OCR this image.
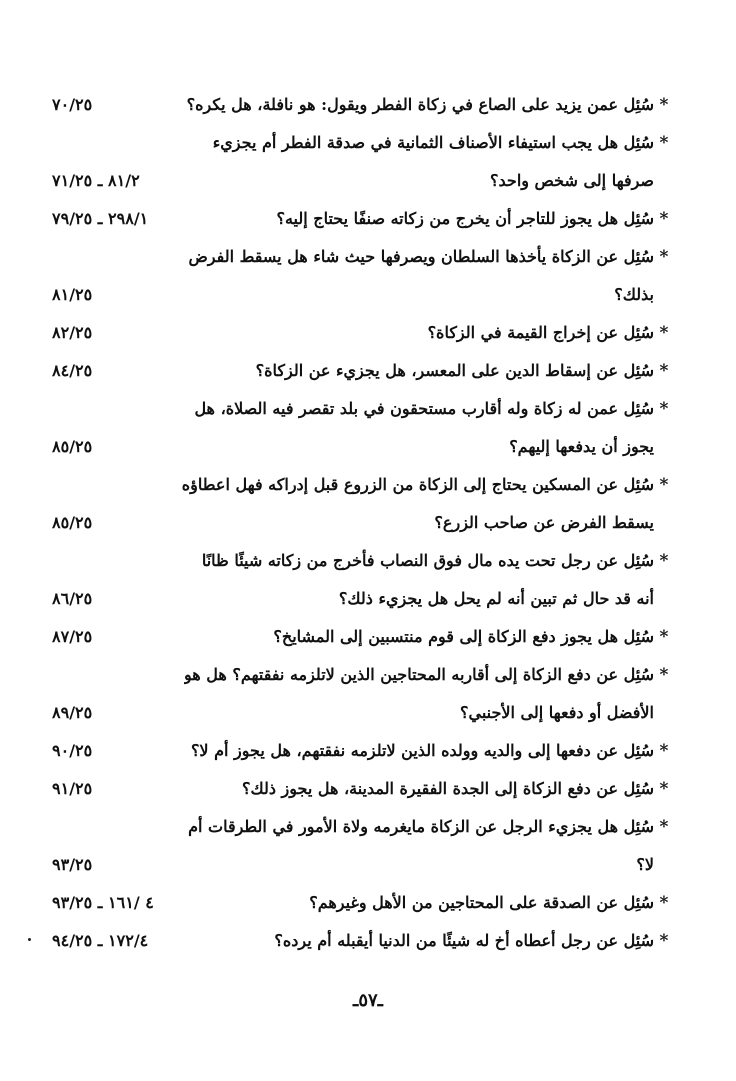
*
سُئِل عمن يزيد على الصاع في زكاة الفطر ويقول: هو نافلة، هل يكره؟
٧٠/٢٥
*
سُئِل هل يجب استيفاء الأصناف الثمانية في صدقة الفطر أم يجزيء
صرفها إلى شخص واحد؟
٨١/٢ ـ ٧١/٢٥
*
سُئِل هل يجوز للتاجر أن يخرج من زكاته صنفًا يحتاج إليه؟
٢٩٨/١ ـ ٧٩/٢٥
*
سُئِل عن الزكاة يأخذها السلطان ويصرفها حيث شاء هل يسقط الفرض
بذلك؟
٨١/٢٥
*
سُئِل عن إخراج القيمة في الزكاة؟
٨٢/٢٥
*
سُئِل عن إسقاط الدين على المعسر، هل يجزيء عن الزكاة؟
٨٤/٢٥
*
سُئِل عمن له زكاة وله أقارب مستحقون في بلد تقصر فيه الصلاة، هل
يجوز أن يدفعها إليهم؟
٨٥/٢٥
*
سُئِل عن المسكين يحتاج إلى الزكاة من الزروع قبل إدراكه فهل اعطاؤه
يسقط الفرض عن صاحب الزرع؟
٨٥/٢٥
*
سُئِل عن رجل تحت يده مال فوق النصاب فأخرج من زكاته شيئًا ظانًا
أنه قد حال ثم تبين أنه لم يحل هل يجزيء ذلك؟
٨٦/٢٥
*
سُئِل هل يجوز دفع الزكاة إلى قوم منتسبين إلى المشايخ؟
٨٧/٢٥
*
سُئِل عن دفع الزكاة إلى أقاربه المحتاجين الذين لاتلزمه نفقتهم؟ هل هو
الأفضل أو دفعها إلى الأجنبي؟
٨٩/٢٥
*
سُئِل عن دفعها إلى والديه وولده الذين لاتلزمه نفقتهم، هل يجوز أم لا؟
٩٠/٢٥
*
سُئِل عن دفع الزكاة إلى الجدة الفقيرة المدينة، هل يجوز ذلك؟
٩١/٢٥
*
سُئِل هل يجزيء الرجل عن الزكاة مايغرمه ولاة الأمور في الطرقات أم
لا؟
٩٣/٢٥
*
سُئِل عن الصدقة على المحتاجين من الأهل وغيرهم؟
٤ /١٦١ ـ ٩٣/٢٥
*
سُئِل عن رجل أعطاه أخ له شيئًا من الدنيا أيقبله أم يرده؟
١٧٢/٤ ـ ٩٤/٢٥
ـ٥٧ـ
